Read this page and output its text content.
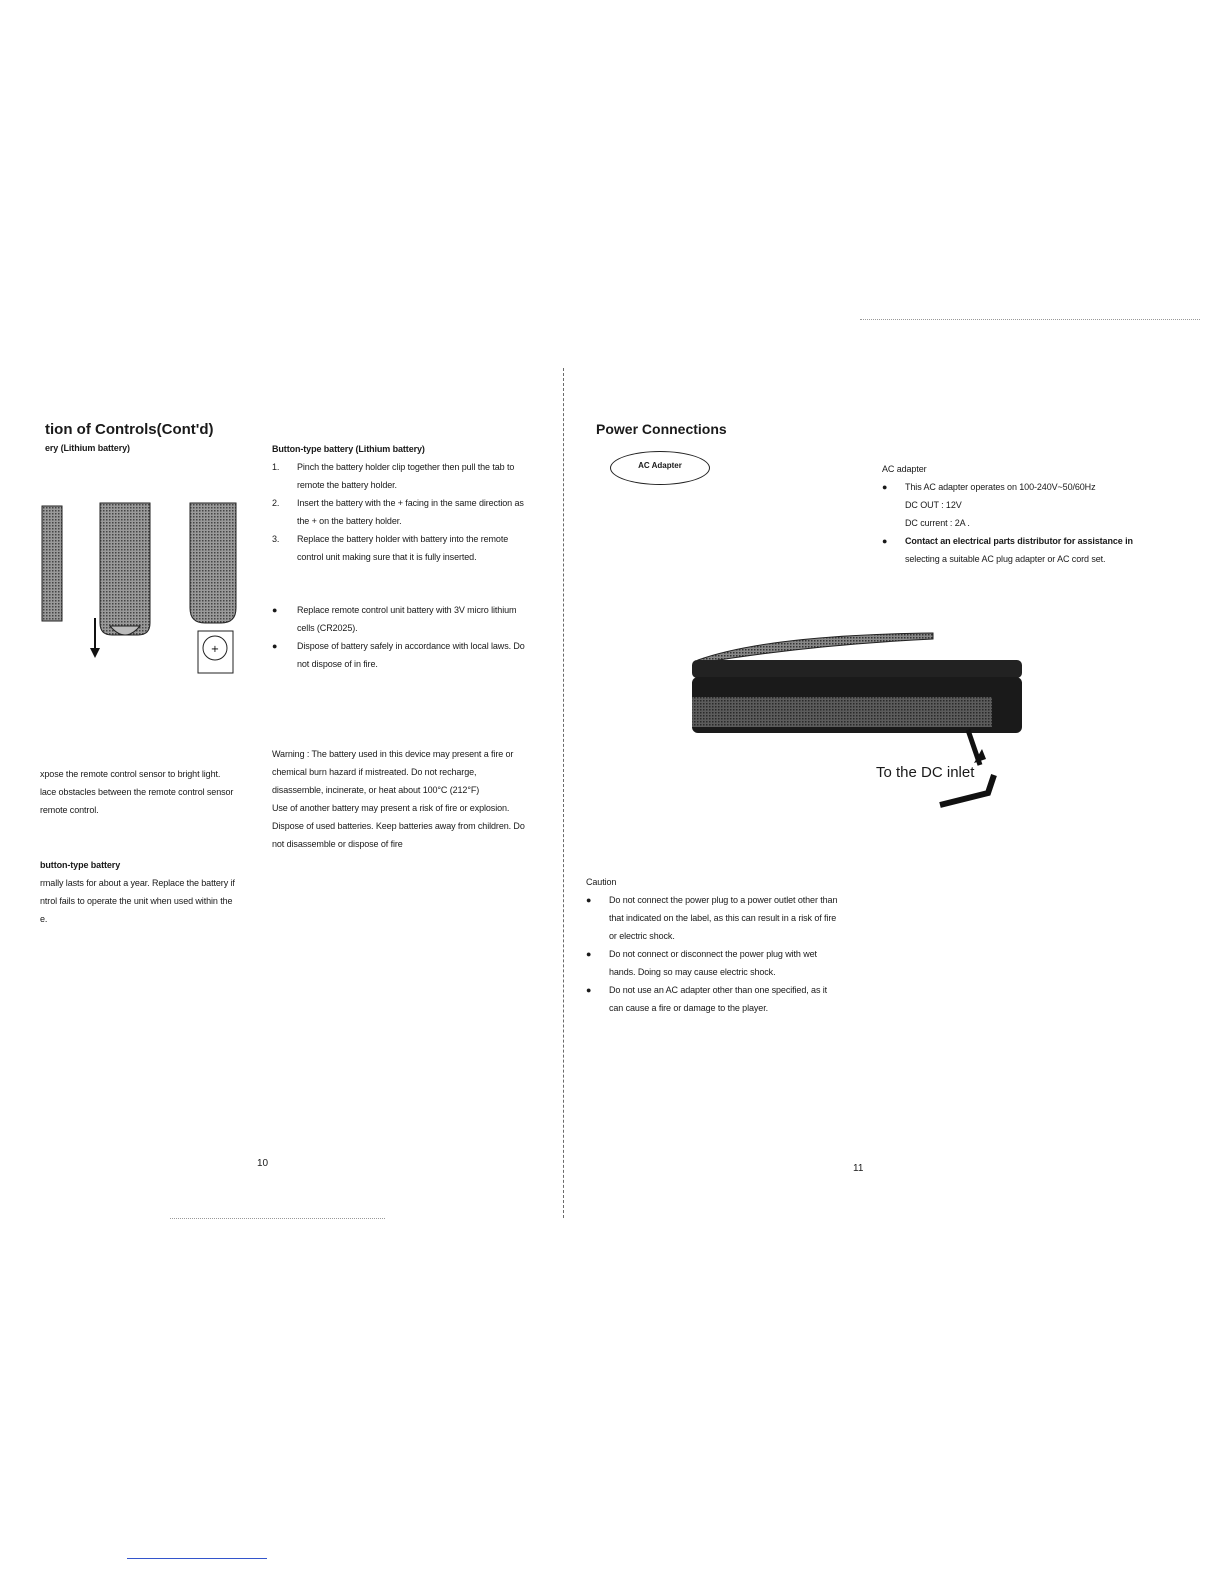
tion of Controls(Cont'd)
ery (Lithium battery)
+
Button-type battery (Lithium battery)
1. Pinch the battery holder clip together then pull the tab to
remote the battery holder.
2. Insert the battery with the + facing in the same direction as
the + on the battery holder.
3. Replace the battery holder with battery into the remote
control unit making sure that it is fully inserted.
● Replace remote control unit battery with 3V micro lithium
cells (CR2025).
● Dispose of battery safely in accordance with local laws. Do
not dispose of in fire.
Warning : The battery used in this device may present a fire or
chemical burn hazard if mistreated. Do not recharge,
disassemble, incinerate, or heat about 100°C (212°F)
Use of another battery may present a risk of fire or explosion.
Dispose of used batteries. Keep batteries away from children. Do
not disassemble or dispose of fire
xpose the remote control sensor to bright light.
lace obstacles between the remote control sensor
remote control.
button-type battery
rmally lasts for about a year. Replace the battery if
ntrol fails to operate the unit when used within the
e.
10
Power Connections
AC Adapter	AC adapter
● This AC adapter operates on 100-240V~50/60Hz
DC OUT : 12V
DC current : 2A .
● Contact an electrical parts distributor for assistance in
selecting a suitable AC plug adapter or AC cord set.
To the DC inlet
Caution
● Do not connect the power plug to a power outlet other than
that indicated on the label, as this can result in a risk of fire
or electric shock.
● Do not connect or disconnect the power plug with wet
hands. Doing so may cause electric shock.
● Do not use an AC adapter other than one specified, as it
can cause a fire or damage to the player.
11
